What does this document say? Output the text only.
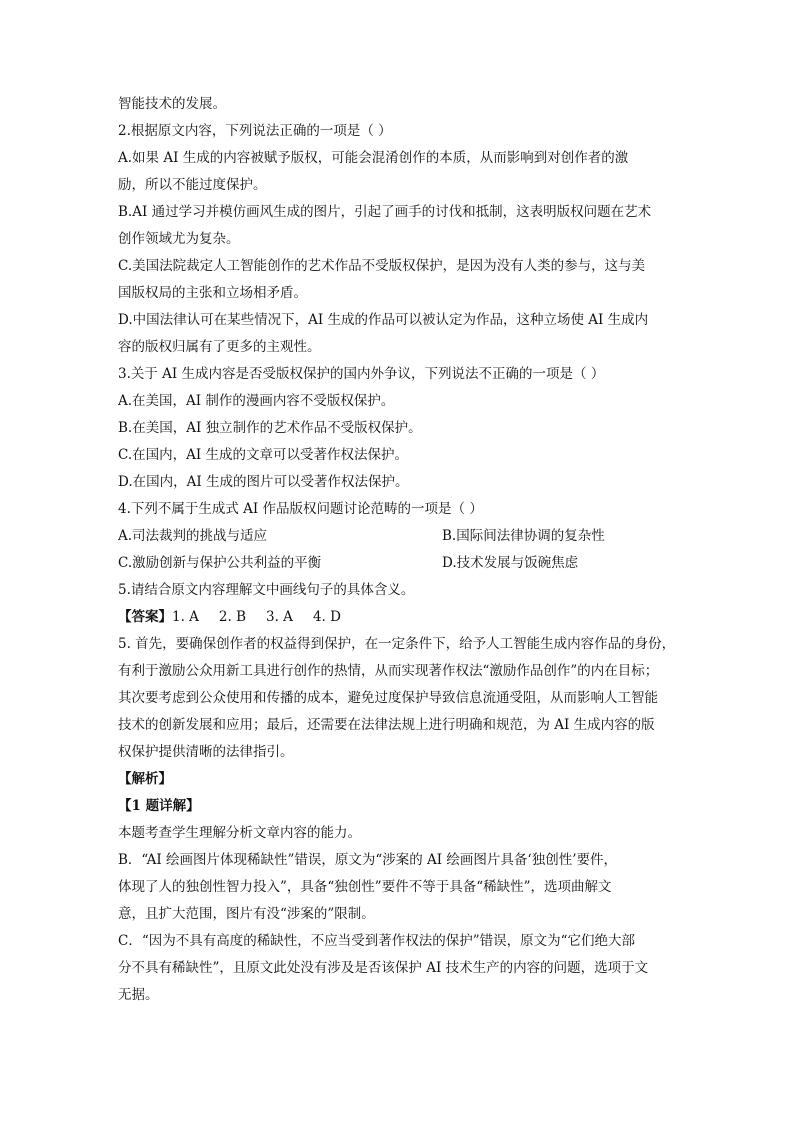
智能技术的发展。
2.根据原文内容，下列说法正确的一项是（ ）
A.如果 AI 生成的内容被赋予版权，可能会混淆创作的本质，从而影响到对创作者的激
励，所以不能过度保护。
B.AI 通过学习并模仿画风生成的图片，引起了画手的讨伐和抵制，这表明版权问题在艺术
创作领域尤为复杂。
C.美国法院裁定人工智能创作的艺术作品不受版权保护，是因为没有人类的参与，这与美
国版权局的主张和立场相矛盾。
D.中国法律认可在某些情况下，AI 生成的作品可以被认定为作品，这种立场使 AI 生成内
容的版权归属有了更多的主观性。
3.关于 AI 生成内容是否受版权保护的国内外争议，下列说法不正确的一项是（ ）
A.在美国，AI 制作的漫画内容不受版权保护。
B.在美国，AI 独立制作的艺术作品不受版权保护。
C.在国内，AI 生成的文章可以受著作权法保护。
D.在国内，AI 生成的图片可以受著作权法保护。
4.下列不属于生成式 AI 作品版权问题讨论范畴的一项是（ ）
A.司法裁判的挑战与适应	B.国际间法律协调的复杂性
C.激励创新与保护公共利益的平衡	D.技术发展与饭碗焦虑
5.请结合原文内容理解文中画线句子的具体含义。
【答案】1. A 2. B 3. A 4. D
5. 首先，要确保创作者的权益得到保护，在一定条件下，给予人工智能生成内容作品的身份，
有利于激励公众用新工具进行创作的热情，从而实现著作权法“激励作品创作”的内在目标；
其次要考虑到公众使用和传播的成本，避免过度保护导致信息流通受阻，从而影响人工智能
技术的创新发展和应用；最后，还需要在法律法规上进行明确和规范，为 AI 生成内容的版
权保护提供清晰的法律指引。
【解析】
【1 题详解】
本题考查学生理解分析文章内容的能力。
B．“AI 绘画图片体现稀缺性”错误，原文为“涉案的 AI 绘画图片具备‘独创性’要件，
体现了人的独创性智力投入”，具备“独创性”要件不等于具备“稀缺性”，选项曲解文
意，且扩大范围，图片有没“涉案的”限制。
C．“因为不具有高度的稀缺性，不应当受到著作权法的保护”错误，原文为“它们绝大部
分不具有稀缺性”，且原文此处没有涉及是否该保护 AI 技术生产的内容的问题，选项于文
无据。
